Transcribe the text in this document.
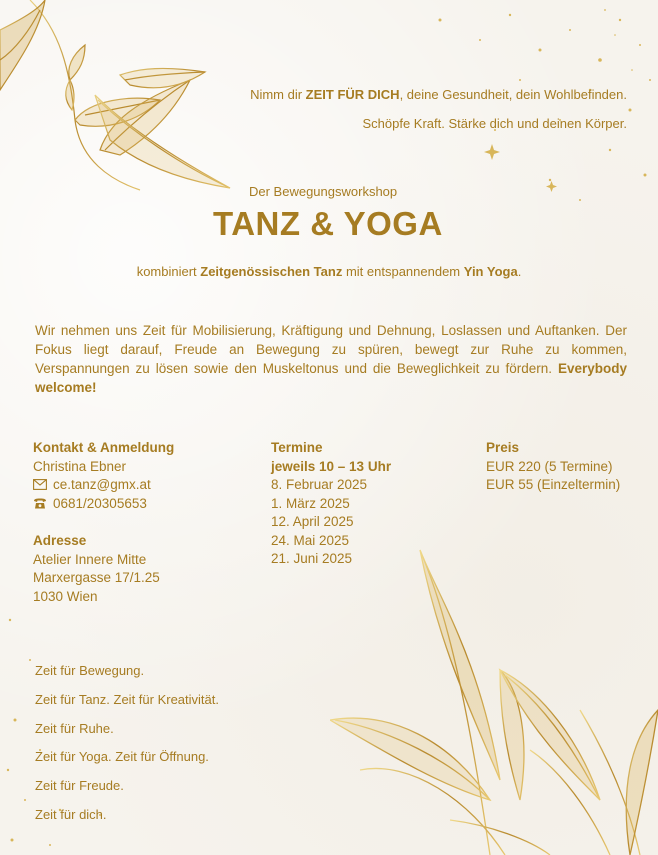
Nimm dir ZEIT FÜR DICH, deine Gesundheit, dein Wohlbefinden.
Schöpfe Kraft. Stärke dich und deinen Körper.
Der Bewegungsworkshop
TANZ & YOGA
kombiniert Zeitgenössischen Tanz mit entspannendem Yin Yoga.
Wir nehmen uns Zeit für Mobilisierung, Kräftigung und Dehnung, Loslassen und Auftanken. Der Fokus liegt darauf, Freude an Bewegung zu spüren, bewegt zur Ruhe zu kommen, Verspannungen zu lösen sowie den Muskeltonus und die Beweglichkeit zu fördern. Everybody welcome!
Kontakt & Anmeldung
Christina Ebner
ce.tanz@gmx.at
0681/20305653
Adresse
Atelier Innere Mitte
Marxergasse 17/1.25
1030 Wien
Termine
jeweils 10 – 13 Uhr
8. Februar 2025
1. März 2025
12. April 2025
24. Mai 2025
21. Juni 2025
Preis
EUR 220 (5 Termine)
EUR 55 (Einzeltermin)
Zeit für Bewegung.
Zeit für Tanz. Zeit für Kreativität.
Zeit für Ruhe.
Zeit für Yoga. Zeit für Öffnung.
Zeit für Freude.
Zeit für dich.
